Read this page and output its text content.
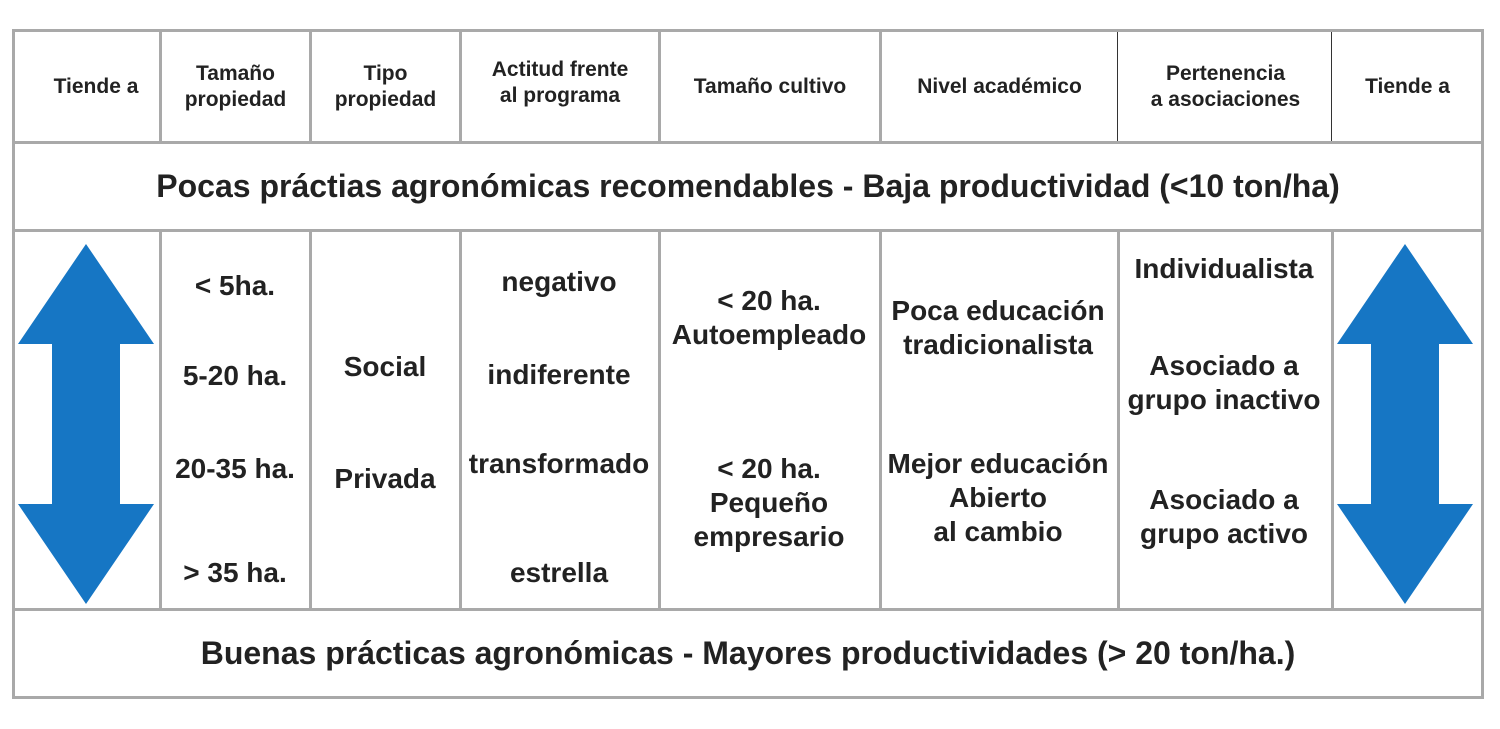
Tiende a
Tamaño
propiedad
Tipo
propiedad
Actitud frente
al programa	Tamaño cultivo	Nivel académico
Pertenencia
a asociaciones
Tiende a
Pocas práctias agronómicas recomendables - Baja productividad (<10 ton/ha)
Buenas prácticas agronómicas - Mayores productividades (> 20 ton/ha.)
< 5ha.
5-20 ha.
20-35 ha.
> 35 ha.
Social
Privada
negativo
indiferente
transformado
estrella
< 20 ha.
Autoempleado
< 20 ha.
Pequeño
empresario
Poca educación
tradicionalista
Mejor educación
Abierto
al cambio
Individualista
Asociado a
grupo inactivo
Asociado a
grupo activo
